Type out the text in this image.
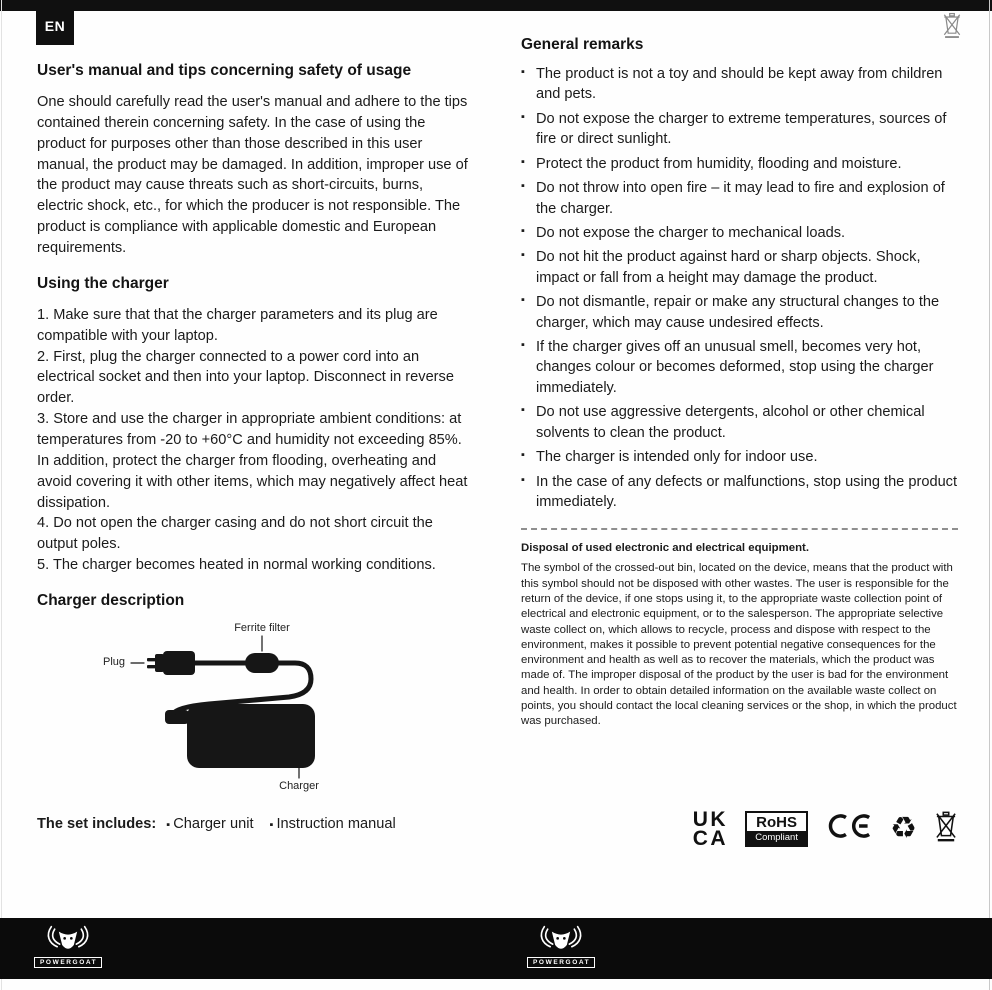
EN
User's manual and tips concerning safety of usage

One should carefully read the user's manual and adhere to the tips contained therein concerning safety. In the case of using the product for purposes other than those described in this user manual, the product may be damaged. In addition, improper use of the product may cause threats such as short-circuits, burns, electric shock, etc., for which the producer is not responsible. The product is compliance with applicable domestic and European requirements.

Using the charger

1. Make sure that that the charger parameters and its plug are compatible with your laptop.

2. First, plug the charger connected to a power cord into an electrical socket and then into your laptop. Disconnect in reverse order.

3. Store and use the charger in appropriate ambient conditions: at temperatures from -20 to +60°C and humidity not exceeding 85%. In addition, protect the charger from flooding, overheating and avoid covering it with other items, which may negatively affect heat dissipation.

4. Do not open the charger casing and do not short circuit the output poles.

5. The charger becomes heated in normal working conditions.

Charger description
Ferrite filter
Plug
Charger
The set includes:	▪ Charger unit	▪ Instruction manual
General remarks
▪ The product is not a toy and should be kept away from children and pets.
▪ Do not expose the charger to extreme temperatures, sources of fire or direct sunlight.
▪ Protect the product from humidity, flooding and moisture.
▪ Do not throw into open fire – it may lead to fire and explosion of the charger.
▪ Do not expose the charger to mechanical loads.
▪ Do not hit the product against hard or sharp objects. Shock, impact or fall from a height may damage the product.
▪ Do not dismantle, repair or make any structural changes to the charger, which may cause undesired effects.
▪ If the charger gives off an unusual smell, becomes very hot, changes colour or becomes deformed, stop using the charger immediately.
▪ Do not use aggressive detergents, alcohol or other chemical solvents to clean the product.
▪ The charger is intended only for indoor use.
▪ In the case of any defects or malfunctions, stop using the product immediately.
Disposal of used electronic and electrical equipment.

The symbol of the crossed-out bin, located on the device, means that the product with this symbol should not be disposed with other wastes. The user is responsible for the return of the device, if one stops using it, to the appropriate waste collection point of electrical and electronic equipment, or to the salesperson. The appropriate selective waste collect on, which allows to recycle, process and dispose with respect to the environment, makes it possible to prevent potential negative consequences for the environment and health as well as to recover the materials, which the product was made of. The improper disposal of the product by the user is bad for the environment and health. In order to obtain detailed information on the available waste collect on points, you should contact the local cleaning services or the shop, in which the product was purchased.

UK
CA
RoHS
Compliant	♻
POWERGOAT	POWERGOAT
